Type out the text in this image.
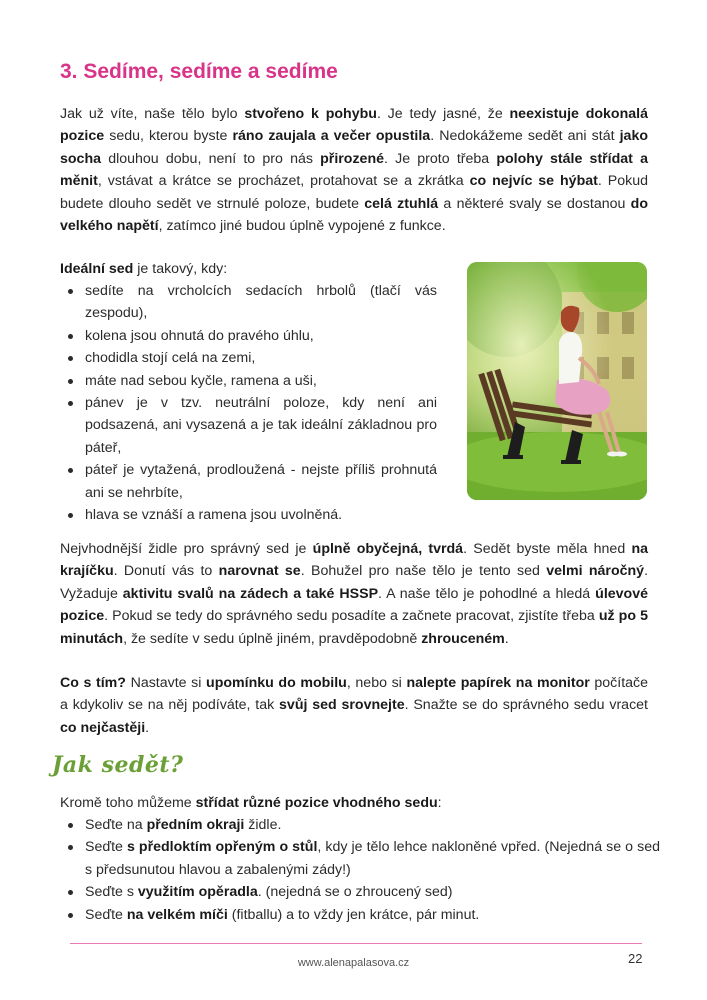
3. Sedíme, sedíme a sedíme

Jak už víte, naše tělo bylo stvořeno k pohybu. Je tedy jasné, že neexistuje dokonalá pozice sedu, kterou byste ráno zaujala a večer opustila. Nedokážeme sedět ani stát jako socha dlouhou dobu, není to pro nás přirozené. Je proto třeba polohy stále střídat a měnit, vstávat a krátce se procházet, protahovat se a zkrátka co nejvíc se hýbat. Pokud budete dlouho sedět ve strnulé poloze, budete celá ztuhlá a některé svaly se dostanou do velkého napětí, zatímco jiné budou úplně vypojené z funkce.

Ideální sed je takový, kdy:

sedíte na vrcholcích sedacích hrbolů (tlačí vás zespodu),
kolena jsou ohnutá do pravého úhlu,
chodidla stojí celá na zemi,
máte nad sebou kyčle, ramena a uši,
pánev je v tzv. neutrální poloze, kdy není ani podsazená, ani vysazená a je tak ideální základnou pro páteř,
páteř je vytažená, prodloužená - nejste příliš prohnutá ani se nehrbíte,
hlava se vznáší a ramena jsou uvolněná.

Nejvhodnější židle pro správný sed je úplně obyčejná, tvrdá. Sedět byste měla hned na krajíčku. Donutí vás to narovnat se. Bohužel pro naše tělo je tento sed velmi náročný. Vyžaduje aktivitu svalů na zádech a také HSSP. A naše tělo je pohodlné a hledá úlevové pozice. Pokud se tedy do správného sedu posadíte a začnete pracovat, zjistíte třeba už po 5 minutách, že sedíte v sedu úplně jiném, pravděpodobně zhrouceném.

Co s tím? Nastavte si upomínku do mobilu, nebo si nalepte papírek na monitor počítače a kdykoliv se na něj podíváte, tak svůj sed srovnejte. Snažte se do správného sedu vracet co nejčastěji.

Jak sedět?

Kromě toho můžeme střídat různé pozice vhodného sedu:

Seďte na předním okraji židle.
Seďte s předloktím opřeným o stůl, kdy je tělo lehce nakloněné vpřed. (Nejedná se o sed s předsunutou hlavou a zabalenými zády!)
Seďte s využitím opěradla. (nejedná se o zhroucený sed)
Seďte na velkém míči (fitballu) a to vždy jen krátce, pár minut.
www.alenapalasova.cz	22
